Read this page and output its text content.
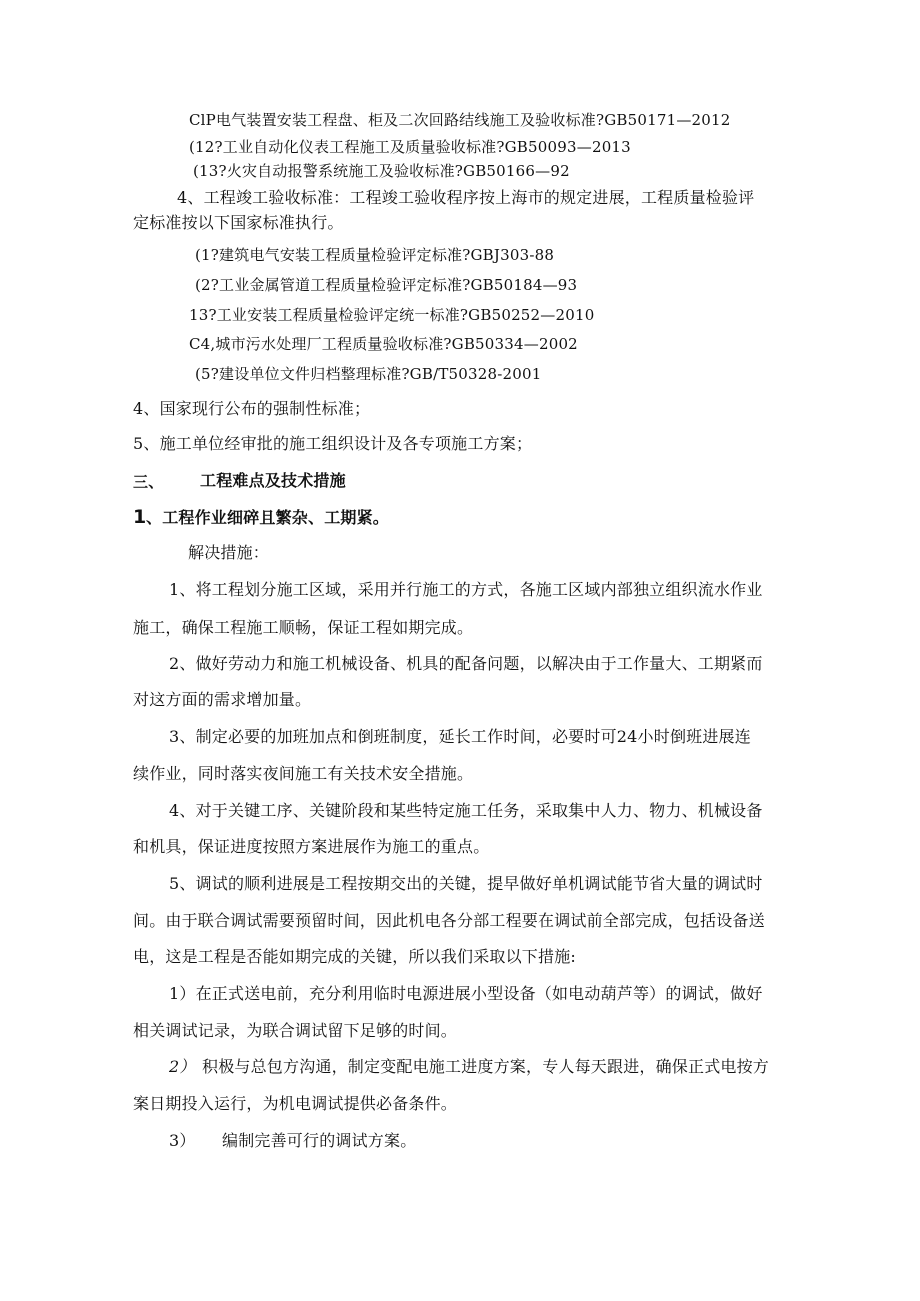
ClP电气装置安装工程盘、柜及二次回路结线施工及验收标准?GB50171—2012
(12?工业自动化仪表工程施工及质量验收标准?GB50093—2013
(13?火灾自动报警系统施工及验收标准?GB50166—92
4、工程竣工验收标准：工程竣工验收程序按上海市的规定进展，工程质量检验评
定标准按以下国家标准执行。
(1?建筑电气安装工程质量检验评定标准?GBJ303-88
(2?工业金属管道工程质量检验评定标准?GB50184—93
13?工业安装工程质量检验评定统一标准?GB50252—2010
C4,城市污水处理厂工程质量验收标准?GB50334—2002
(5?建设单位文件归档整理标准?GB/T50328-2001
4、国家现行公布的强制性标准；
5、施工单位经审批的施工组织设计及各专项施工方案；
三、 工程难点及技术措施
1 、工程作业细碎且繁杂、工期紧。
解决措施：
1、将工程划分施工区域，采用并行施工的方式，各施工区域内部独立组织流水作业
施工，确保工程施工顺畅，保证工程如期完成。
2、做好劳动力和施工机械设备、机具的配备问题，以解决由于工作量大、工期紧而
对这方面的需求增加量。
3、制定必要的加班加点和倒班制度，延长工作时间，必要时可24小时倒班进展连
续作业，同时落实夜间施工有关技术安全措施。
4、对于关键工序、关键阶段和某些特定施工任务，采取集中人力、物力、机械设备
和机具，保证进度按照方案进展作为施工的重点。
5、调试的顺利进展是工程按期交出的关键，提早做好单机调试能节省大量的调试时
间。由于联合调试需要预留时间，因此机电各分部工程要在调试前全部完成，包括设备送
电，这是工程是否能如期完成的关键，所以我们采取以下措施:
1）在正式送电前，充分利用临时电源进展小型设备（如电动葫芦等）的调试，做好
相关调试记录，为联合调试留下足够的时间。
2） 积极与总包方沟通，制定变配电施工进度方案，专人每天跟进，确保正式电按方
案日期投入运行，为机电调试提供必备条件。
3） 编制完善可行的调试方案。
